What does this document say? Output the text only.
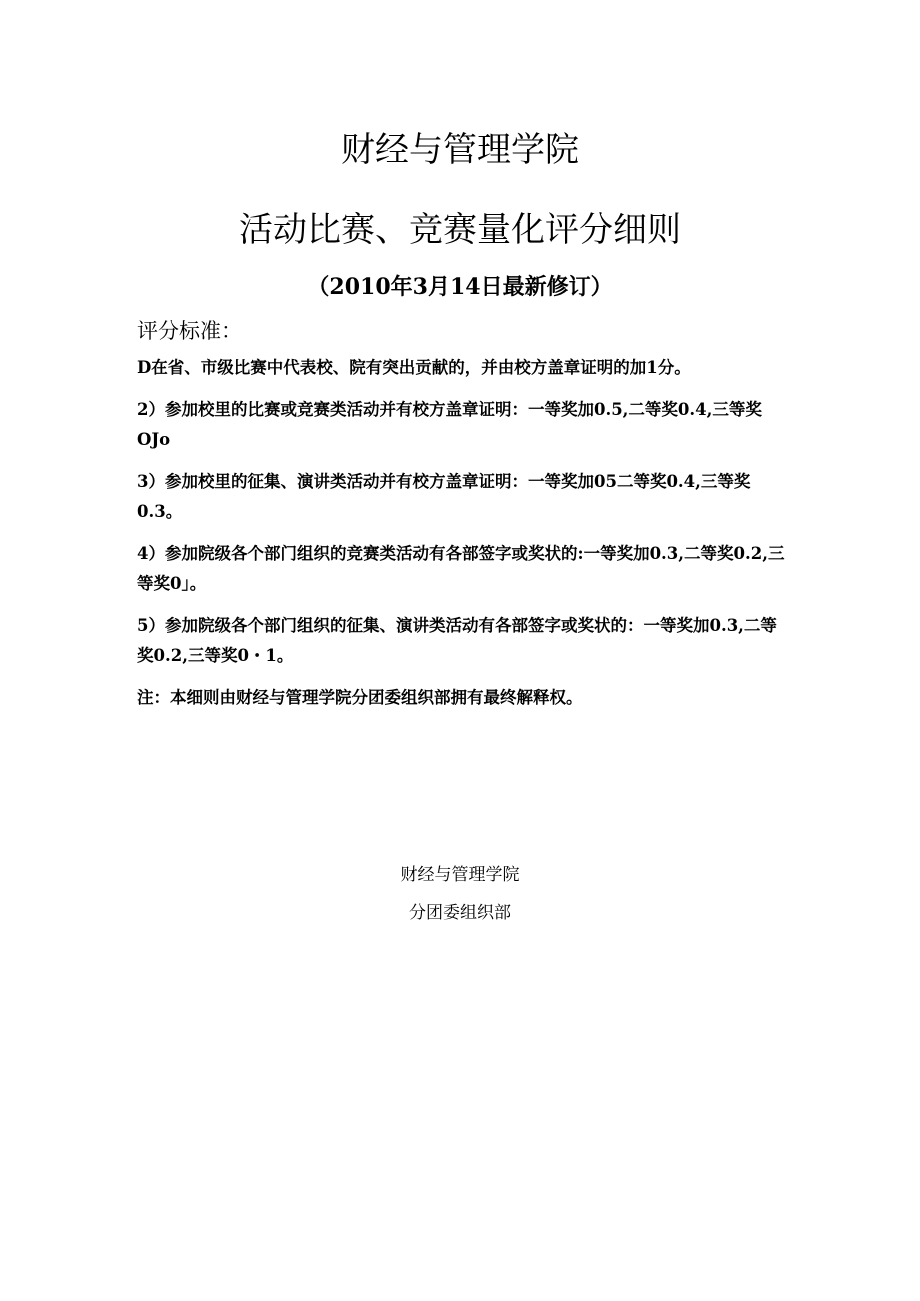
财经与管理学院
活动比赛、竞赛量化评分细则
（2010年3月14日最新修订）
评分标准：

D在省、市级比赛中代表校、院有突出贡献的，并由校方盖章证明的加1分。

2）参加校里的比赛或竞赛类活动并有校方盖章证明：一等奖加0.5,二等奖0.4,三等奖OJo

3）参加校里的征集、演讲类活动并有校方盖章证明：一等奖加05二等奖0.4,三等奖0.3。

4）参加院级各个部门组织的竞赛类活动有各部签字或奖状的:一等奖加0.3,二等奖0.2,三等奖0」。

5）参加院级各个部门组织的征集、演讲类活动有各部签字或奖状的：一等奖加0.3,二等奖0.2,三等奖0・1。

注：本细则由财经与管理学院分团委组织部拥有最终解释权。

财经与管理学院
分团委组织部
